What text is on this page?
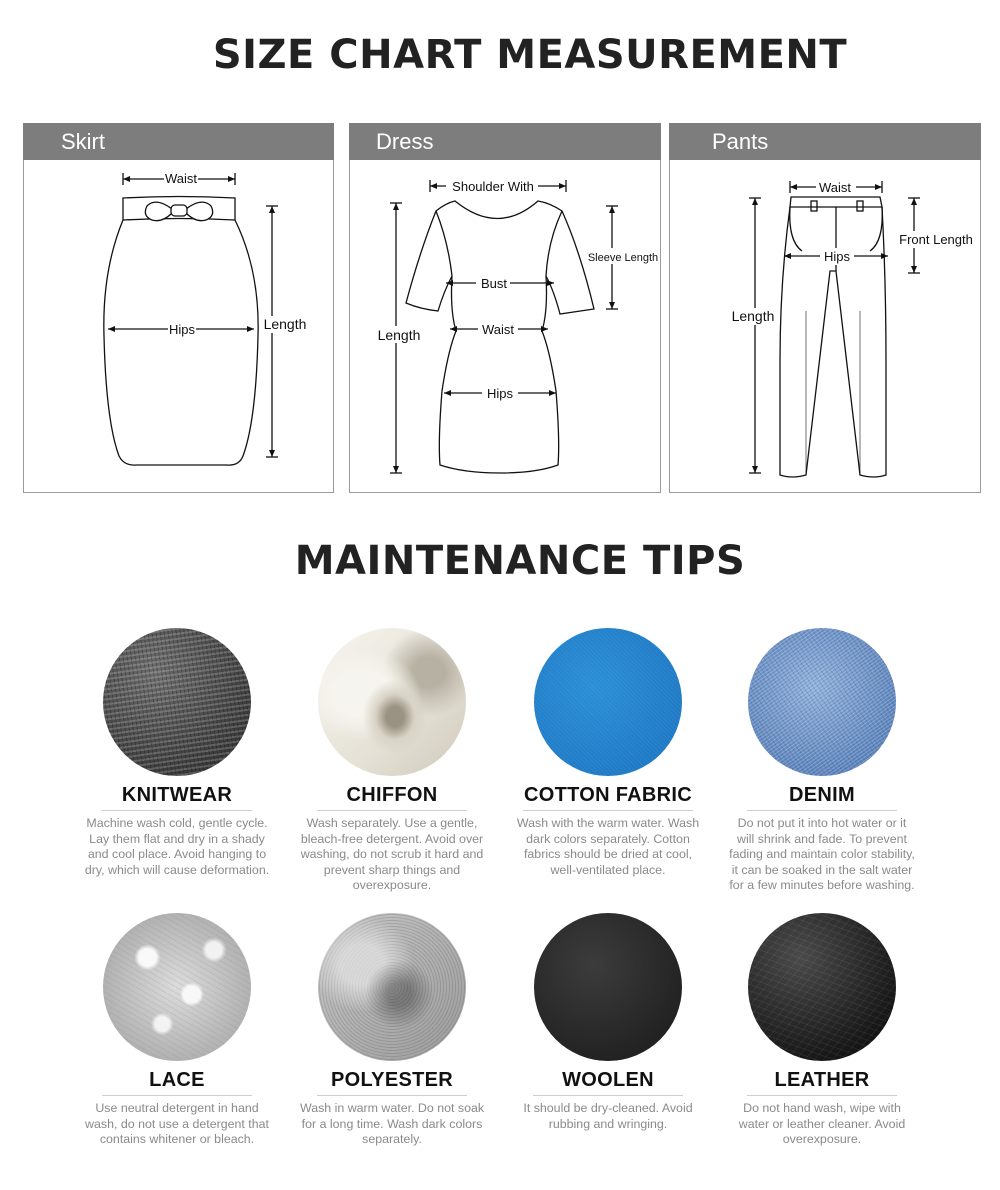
SIZE CHART MEASUREMENT
Skirt
Waist
Hips	Length
Dress
Shoulder With
Bust
Waist
Hips
Length
Sleeve Length
Pants
Waist
Hips
Length
Front Length
MAINTENANCE TIPS
KNITWEAR
Machine wash cold, gentle cycle. Lay them flat and dry in a shady and cool place. Avoid hanging to dry, which will cause deformation.
CHIFFON
Wash separately. Use a gentle, bleach-free detergent. Avoid over washing, do not scrub it hard and prevent sharp things and overexposure.
COTTON FABRIC
Wash with the warm water. Wash dark colors separately. Cotton fabrics should be dried at cool, well-ventilated place.
DENIM
Do not put it into hot water or it will shrink and fade. To prevent fading and maintain color stability, it can be soaked in the salt water for a few minutes before washing.
LACE
Use neutral detergent in hand wash, do not use a detergent that contains whitener or bleach.
POLYESTER
Wash in warm water. Do not soak for a long time. Wash dark colors separately.
WOOLEN
It should be dry-cleaned. Avoid rubbing and wringing.
LEATHER
Do not hand wash, wipe with water or leather cleaner. Avoid overexposure.
